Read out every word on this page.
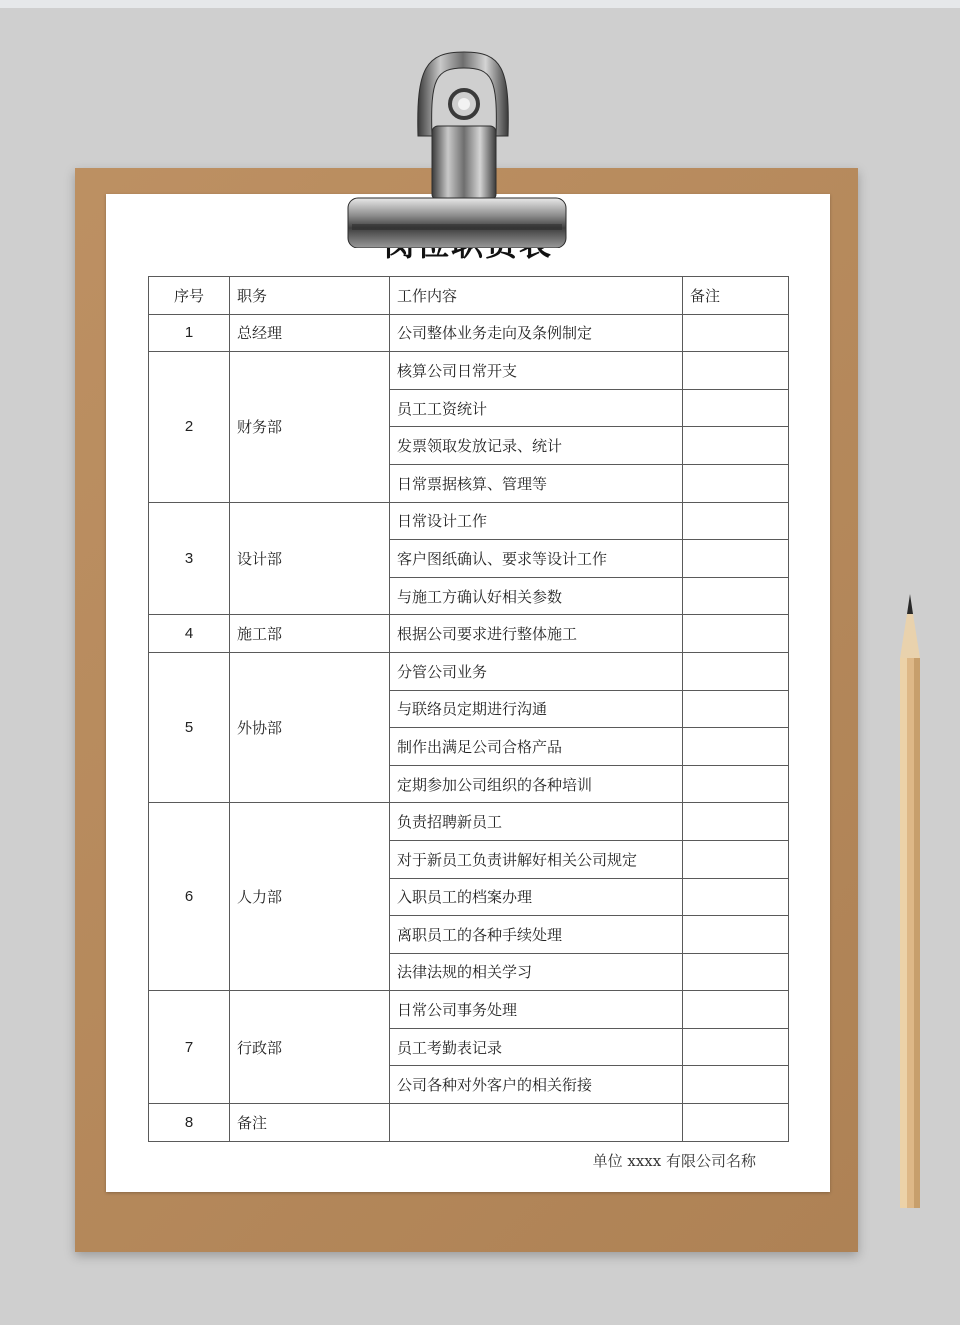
序号	职务	工作内容	备注
1	总经理	公司整体业务走向及条例制定	
2	财务部	核算公司日常开支	
		员工工资统计	
		发票领取发放记录、统计	
		日常票据核算、管理等	
3	设计部	日常设计工作	
		客户图纸确认、要求等设计工作	
		与施工方确认好相关参数	
4	施工部	根据公司要求进行整体施工	
5	外协部	分管公司业务	
		与联络员定期进行沟通	
		制作出满足公司合格产品	
		定期参加公司组织的各种培训	
6	人力部	负责招聘新员工	
		对于新员工负责讲解好相关公司规定	
		入职员工的档案办理	
		离职员工的各种手续处理	
		法律法规的相关学习	
7	行政部	日常公司事务处理	
		员工考勤表记录	
		公司各种对外客户的相关衔接	
8	备注		

单位 xxxx 有限公司名称
